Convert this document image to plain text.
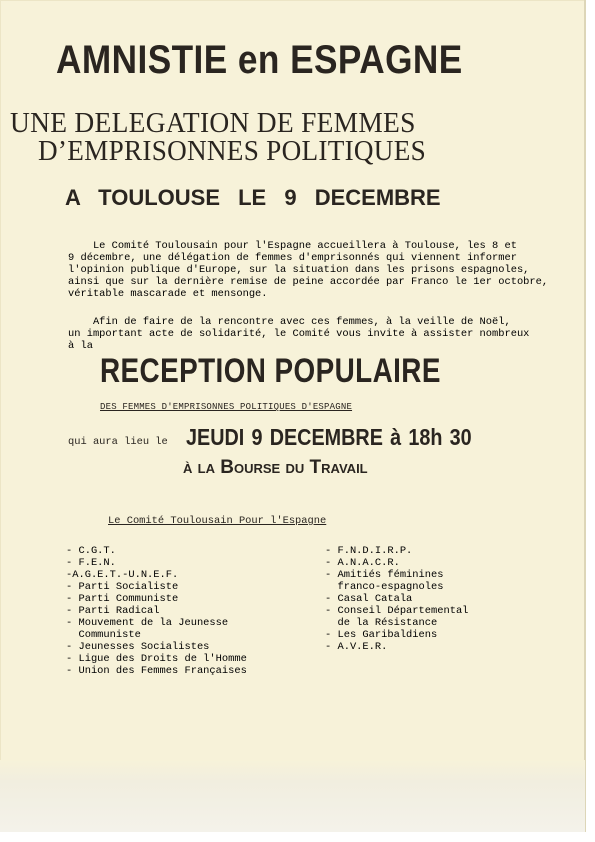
AMNISTIE en ESPAGNE
UNE DELEGATION DE FEMMES
D’EMPRISONNES POLITIQUES
A TOULOUSE LE 9 DECEMBRE
Le Comité Toulousain pour l'Espagne accueillera à Toulouse, les 8 et
9 décembre, une délégation de femmes d'emprisonnés qui viennent informer
l'opinion publique d'Europe, sur la situation dans les prisons espagnoles,
ainsi que sur la dernière remise de peine accordée par Franco le 1er octobre,
véritable mascarade et mensonge.
Afin de faire de la rencontre avec ces femmes, à la veille de Noël,
un important acte de solidarité, le Comité vous invite à assister nombreux
à la
RECEPTION POPULAIRE
DES FEMMES D'EMPRISONNES POLITIQUES D'ESPAGNE
qui aura lieu le JEUDI 9 DECEMBRE à 18h 30
à la Bourse du Travail
Le Comité Toulousain Pour l'Espagne
- C.G.T.
- F.E.N.
-A.G.E.T.-U.N.E.F.
- Parti Socialiste
- Parti Communiste
- Parti Radical
- Mouvement de la Jeunesse
Communiste
- Jeunesses Socialistes
- Ligue des Droits de l'Homme
- Union des Femmes Françaises
- F.N.D.I.R.P.
- A.N.A.C.R.
- Amitiés féminines
franco-espagnoles
- Casal Catala
- Conseil Départemental
de la Résistance
- Les Garibaldiens
- A.V.E.R.
